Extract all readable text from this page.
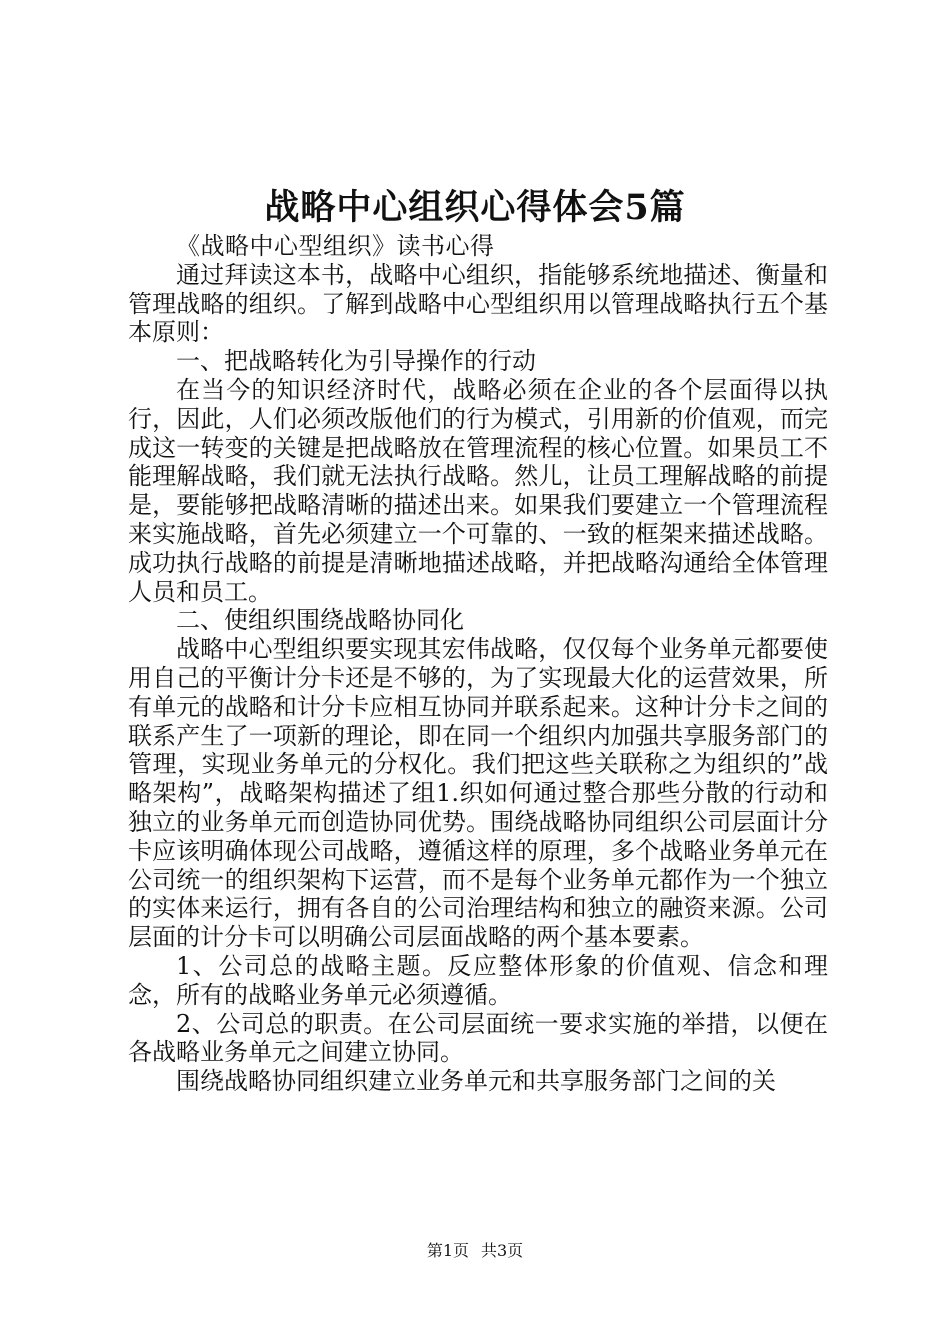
战略中心组织心得体会5篇

《战略中心型组织》读书心得

通过拜读这本书，战略中心组织，指能够系统地描述、衡量和管理战略的组织。了解到战略中心型组织用以管理战略执行五个基本原则：

一、把战略转化为引导操作的行动

在当今的知识经济时代，战略必须在企业的各个层面得以执行，因此，人们必须改版他们的行为模式，引用新的价值观，而完成这一转变的关键是把战略放在管理流程的核心位置。如果员工不能理解战略，我们就无法执行战略。然儿，让员工理解战略的前提是，要能够把战略清晰的描述出来。如果我们要建立一个管理流程来实施战略，首先必须建立一个可靠的、一致的框架来描述战略。成功执行战略的前提是清晰地描述战略，并把战略沟通给全体管理人员和员工。

二、使组织围绕战略协同化

战略中心型组织要实现其宏伟战略，仅仅每个业务单元都要使用自己的平衡计分卡还是不够的，为了实现最大化的运营效果，所有单元的战略和计分卡应相互协同并联系起来。这种计分卡之间的联系产生了一项新的理论，即在同一个组织内加强共享服务部门的管理，实现业务单元的分权化。我们把这些关联称之为组织的”战略架构”，战略架构描述了组1.织如何通过整合那些分散的行动和独立的业务单元而创造协同优势。围绕战略协同组织公司层面计分卡应该明确体现公司战略，遵循这样的原理，多个战略业务单元在公司统一的组织架构下运营，而不是每个业务单元都作为一个独立的实体来运行，拥有各自的公司治理结构和独立的融资来源。公司层面的计分卡可以明确公司层面战略的两个基本要素。

1、公司总的战略主题。反应整体形象的价值观、信念和理念，所有的战略业务单元必须遵循。

2、公司总的职责。在公司层面统一要求实施的举措，以便在各战略业务单元之间建立协同。

围绕战略协同组织建立业务单元和共享服务部门之间的关

第1页 共3页
